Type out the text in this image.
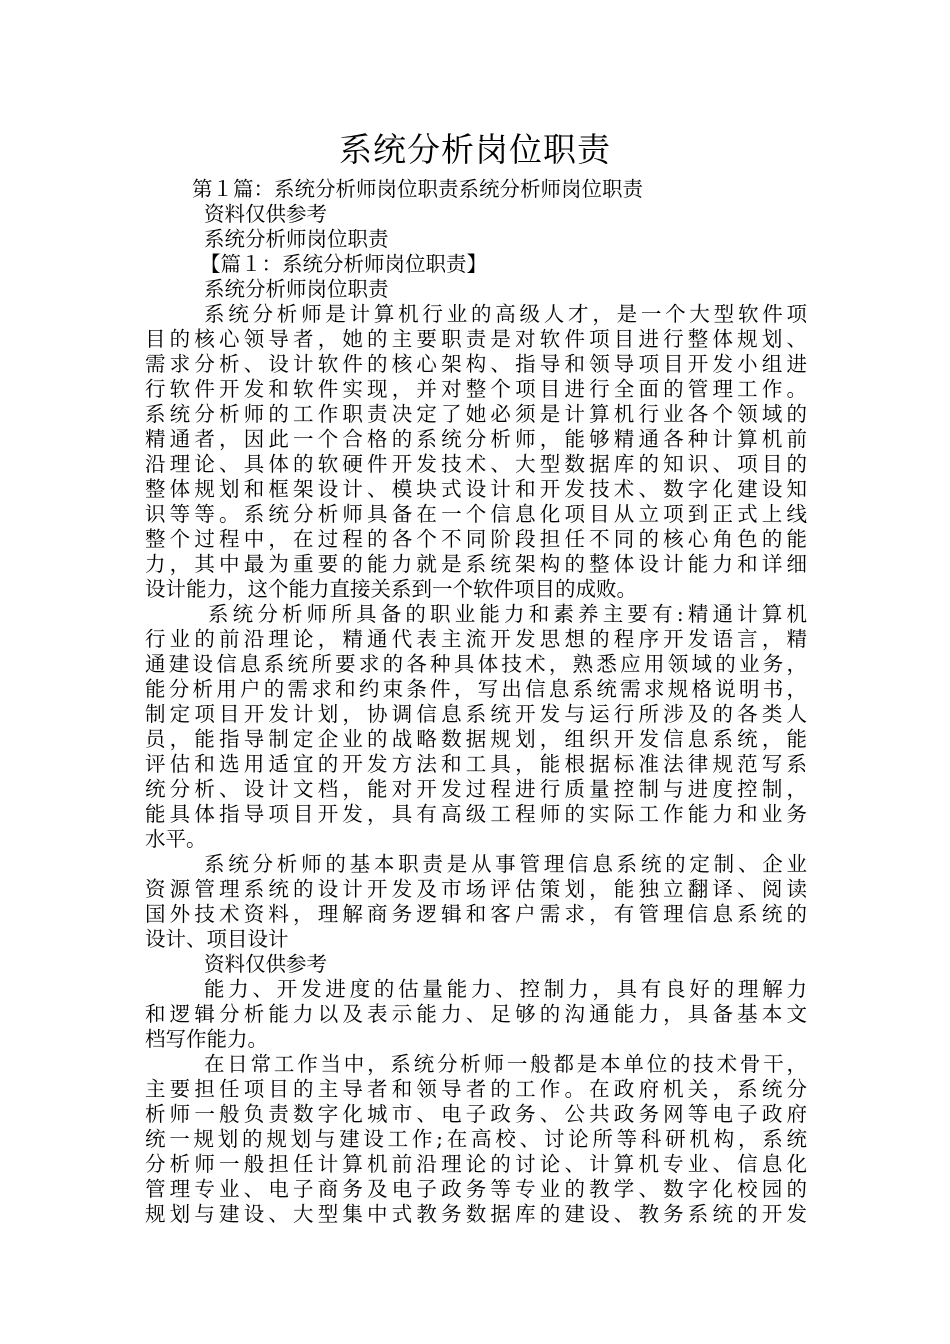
系统分析岗位职责
第１篇：系统分析师岗位职责系统分析师岗位职责
资料仅供参考
系统分析师岗位职责
【篇１：系统分析师岗位职责】
系统分析师岗位职责
系统分析师是计算机行业的高级人才，是一个大型软件项
目的核心领导者，她的主要职责是对软件项目进行整体规划、
需求分析、设计软件的核心架构、指导和领导项目开发小组进
行软件开发和软件实现，并对整个项目进行全面的管理工作。
系统分析师的工作职责决定了她必须是计算机行业各个领域的
精通者，因此一个合格的系统分析师，能够精通各种计算机前
沿理论、具体的软硬件开发技术、大型数据库的知识、项目的
整体规划和框架设计、模块式设计和开发技术、数字化建设知
识等等。系统分析师具备在一个信息化项目从立项到正式上线
整个过程中，在过程的各个不同阶段担任不同的核心角色的能
力，其中最为重要的能力就是系统架构的整体设计能力和详细
设计能力，这个能力直接关系到一个软件项目的成败。
系统分析师所具备的职业能力和素养主要有:精通计算机
行业的前沿理论，精通代表主流开发思想的程序开发语言，精
通建设信息系统所要求的各种具体技术，熟悉应用领域的业务，
能分析用户的需求和约束条件，写出信息系统需求规格说明书，
制定项目开发计划，协调信息系统开发与运行所涉及的各类人
员，能指导制定企业的战略数据规划，组织开发信息系统，能
评估和选用适宜的开发方法和工具，能根据标准法律规范写系
统分析、设计文档，能对开发过程进行质量控制与进度控制，
能具体指导项目开发，具有高级工程师的实际工作能力和业务
水平。
系统分析师的基本职责是从事管理信息系统的定制、企业
资源管理系统的设计开发及市场评估策划，能独立翻译、阅读
国外技术资料，理解商务逻辑和客户需求，有管理信息系统的
设计、项目设计
资料仅供参考
能力、开发进度的估量能力、控制力，具有良好的理解力
和逻辑分析能力以及表示能力、足够的沟通能力，具备基本文
档写作能力。
在日常工作当中，系统分析师一般都是本单位的技术骨干，
主要担任项目的主导者和领导者的工作。在政府机关，系统分
析师一般负责数字化城市、电子政务、公共政务网等电子政府
统一规划的规划与建设工作;在高校、讨论所等科研机构，系统
分析师一般担任计算机前沿理论的讨论、计算机专业、信息化
管理专业、电子商务及电子政务等专业的教学、数字化校园的
规划与建设、大型集中式教务数据库的建设、教务系统的开发
